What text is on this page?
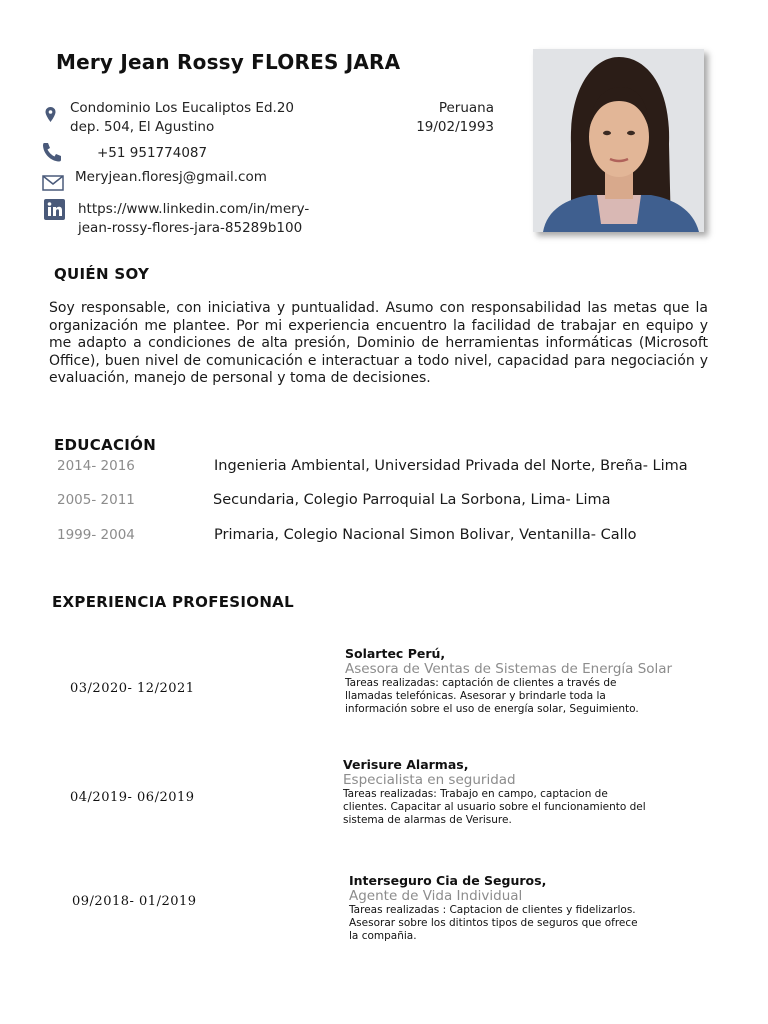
Mery Jean Rossy FLORES JARA
Condominio Los Eucaliptos Ed.20
dep. 504, El Agustino
Peruana
19/02/1993
+51 951774087
Meryjean.floresj@gmail.com
https://www.linkedin.com/in/mery-
jean-rossy-flores-jara-85289b100
QUIÉN SOY
Soy responsable, con iniciativa y puntualidad. Asumo con responsabilidad las metas que la organización me plantee. Por mi experiencia encuentro la facilidad de trabajar en equipo y me adapto a condiciones de alta presión, Dominio de herramientas informáticas (Microsoft Office), buen nivel de comunicación e interactuar a todo nivel, capacidad para negociación y evaluación, manejo de personal y toma de decisiones.
EDUCACIÓN
2014- 2016	Ingenieria Ambiental, Universidad Privada del Norte, Breña- Lima
2005- 2011	Secundaria, Colegio Parroquial La Sorbona, Lima- Lima
1999- 2004	Primaria, Colegio Nacional Simon Bolivar, Ventanilla- Callo
EXPERIENCIA PROFESIONAL
03/2020- 12/2021
Solartec Perú,
Asesora de Ventas de Sistemas de Energía Solar
Tareas realizadas: captación de clientes a través de
llamadas telefónicas. Asesorar y brindarle toda la
información sobre el uso de energía solar, Seguimiento.
04/2019- 06/2019
Verisure Alarmas,
Especialista en seguridad
Tareas realizadas: Trabajo en campo, captacion de
clientes. Capacitar al usuario sobre el funcionamiento del
sistema de alarmas de Verisure.
09/2018- 01/2019
Interseguro Cia de Seguros,
Agente de Vida Individual
Tareas realizadas : Captacion de clientes y fidelizarlos.
Asesorar sobre los ditintos tipos de seguros que ofrece
la compañia.
